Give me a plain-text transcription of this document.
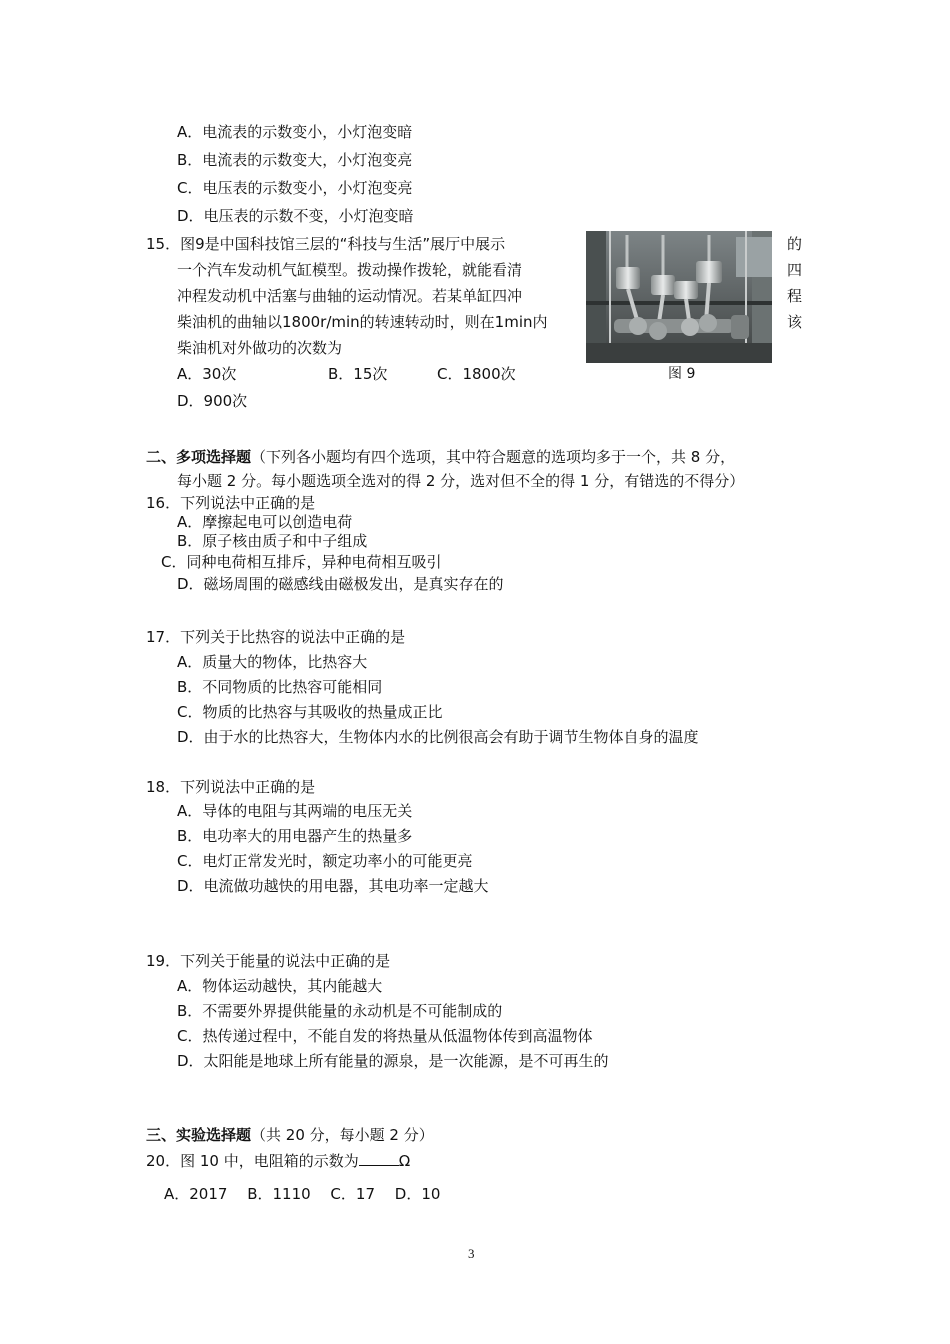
A．电流表的示数变小，小灯泡变暗
B．电流表的示数变大，小灯泡变亮
C．电压表的示数变小，小灯泡变亮
D．电压表的示数不变，小灯泡变暗
15．图9是中国科技馆三层的“科技与生活”展厅中展示	的
一个汽车发动机气缸模型。拨动操作拨轮，就能看清	四
冲程发动机中活塞与曲轴的运动情况。若某单缸四冲	程
柴油机的曲轴以1800r/min的转速转动时，则在1min内	该
柴油机对外做功的次数为
A．30次	B．15次	C．1800次
D．900次
图 9
二、多项选择题（下列各小题均有四个选项，其中符合题意的选项均多于一个，共 8 分，
每小题 2 分。每小题选项全选对的得 2 分，选对但不全的得 1 分，有错选的不得分）
16．下列说法中正确的是
A．摩擦起电可以创造电荷
B．原子核由质子和中子组成
C．同种电荷相互排斥，异种电荷相互吸引
D．磁场周围的磁感线由磁极发出，是真实存在的
17．下列关于比热容的说法中正确的是
A．质量大的物体，比热容大
B．不同物质的比热容可能相同
C．物质的比热容与其吸收的热量成正比
D．由于水的比热容大，生物体内水的比例很高会有助于调节生物体自身的温度
18．下列说法中正确的是
A．导体的电阻与其两端的电压无关
B．电功率大的用电器产生的热量多
C．电灯正常发光时，额定功率小的可能更亮
D．电流做功越快的用电器，其电功率一定越大
19．下列关于能量的说法中正确的是
A．物体运动越快，其内能越大
B．不需要外界提供能量的永动机是不可能制成的
C．热传递过程中，不能自发的将热量从低温物体传到高温物体
D．太阳能是地球上所有能量的源泉，是一次能源，是不可再生的
三、实验选择题（共 20 分，每小题 2 分）
20．图 10 中，电阻箱的示数为	Ω
A．2017　 B．1110　 C．17　 D．10
3
